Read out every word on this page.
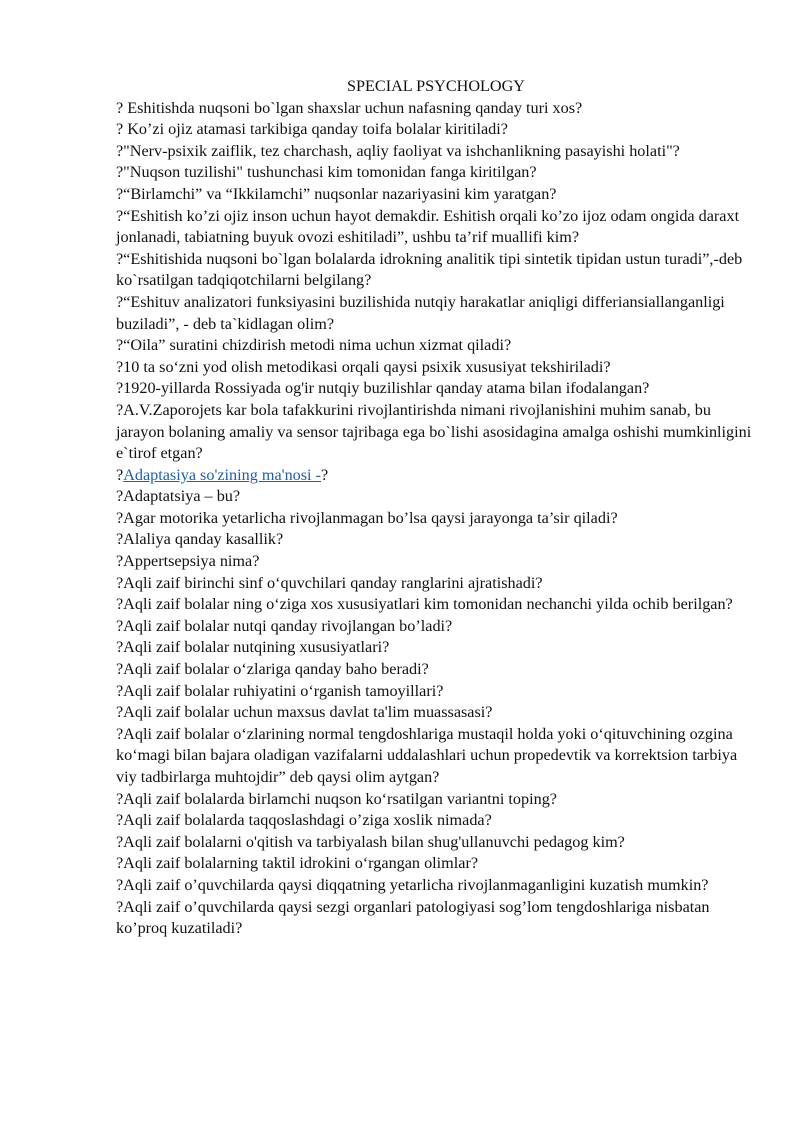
SPECIAL PSYCHOLOGY
? Eshitishda nuqsoni bo`lgan shaxslar uchun nafasning qanday turi xos?
? Ko’zi ojiz atamasi tarkibiga qanday toifa bolalar kiritiladi?
?"Nerv-psixik zaiflik, tez charchash, aqliy faoliyat va ishchanlikning pasayishi holati"?
?"Nuqson tuzilishi" tushunchasi kim tomonidan fanga kiritilgan?
?“Birlamchi” va “Ikkilamchi” nuqsonlar nazariyasini kim yaratgan?
?“Eshitish ko’zi ojiz inson uchun hayot demakdir. Eshitish orqali ko’zo ijoz odam ongida daraxt jonlanadi, tabiatning buyuk ovozi eshitiladi”, ushbu ta’rif muallifi kim?
?“Eshitishida nuqsoni bo`lgan bolalarda idrokning analitik tipi sintetik tipidan ustun turadi”,-deb ko`rsatilgan tadqiqotchilarni belgilang?
?“Eshituv analizatori funksiyasini buzilishida nutqiy harakatlar aniqligi differiansiallanganligi buziladi”, - deb ta`kidlagan olim?
?“Oila” suratini chizdirish metodi nima uchun xizmat qiladi?
?10 ta so‘zni yod olish metodikasi orqali qaysi psixik xususiyat tekshiriladi?
?1920-yillarda Rossiyada og'ir nutqiy buzilishlar qanday atama bilan ifodalangan?
?A.V.Zaporojets kar bola tafakkurini rivojlantirishda nimani rivojlanishini muhim sanab, bu jarayon bolaning amaliy va sensor tajribaga ega bo`lishi asosidagina amalga oshishi mumkinligini e`tirof etgan?
?Adaptasiya so'zining ma'nosi -?
?Adaptatsiya – bu?
?Agar motorika yetarlicha rivojlanmagan bo’lsa qaysi jarayonga ta’sir qiladi?
?Alaliya qanday kasallik?
?Appertsepsiya nima?
?Aqli zaif birinchi sinf o‘quvchilari qanday ranglarini ajratishadi?
?Aqli zaif bolalar ning o‘ziga xos xususiyatlari kim tomonidan nechanchi yilda ochib berilgan?
?Aqli zaif bolalar nutqi qanday rivojlangan bo’ladi?
?Aqli zaif bolalar nutqining xususiyatlari?
?Aqli zaif bolalar o‘zlariga qanday baho beradi?
?Aqli zaif bolalar ruhiyatini o‘rganish tamoyillari?
?Aqli zaif bolalar uchun maxsus davlat ta'lim muassasasi?
?Aqli zaif bolalar o‘zlarining normal tengdoshlariga mustaqil holda yoki o‘qituvchining ozgina ko‘magi bilan bajara oladigan vazifalarni uddalashlari uchun propedevtik va korrektsion tarbiya viy tadbirlarga muhtojdir” deb qaysi olim aytgan?
?Aqli zaif bolalarda birlamchi nuqson ko‘rsatilgan variantni toping?
?Aqli zaif bolalarda taqqoslashdagi o’ziga xoslik nimada?
?Aqli zaif bolalarni o'qitish va tarbiyalash bilan shug'ullanuvchi pedagog kim?
?Aqli zaif bolalarning taktil idrokini o‘rgangan olimlar?
?Aqli zaif o’quvchilarda qaysi diqqatning yetarlicha rivojlanmaganligini kuzatish mumkin?
?Aqli zaif o’quvchilarda qaysi sezgi organlari patologiyasi sog’lom tengdoshlariga nisbatan ko’proq kuzatiladi?
